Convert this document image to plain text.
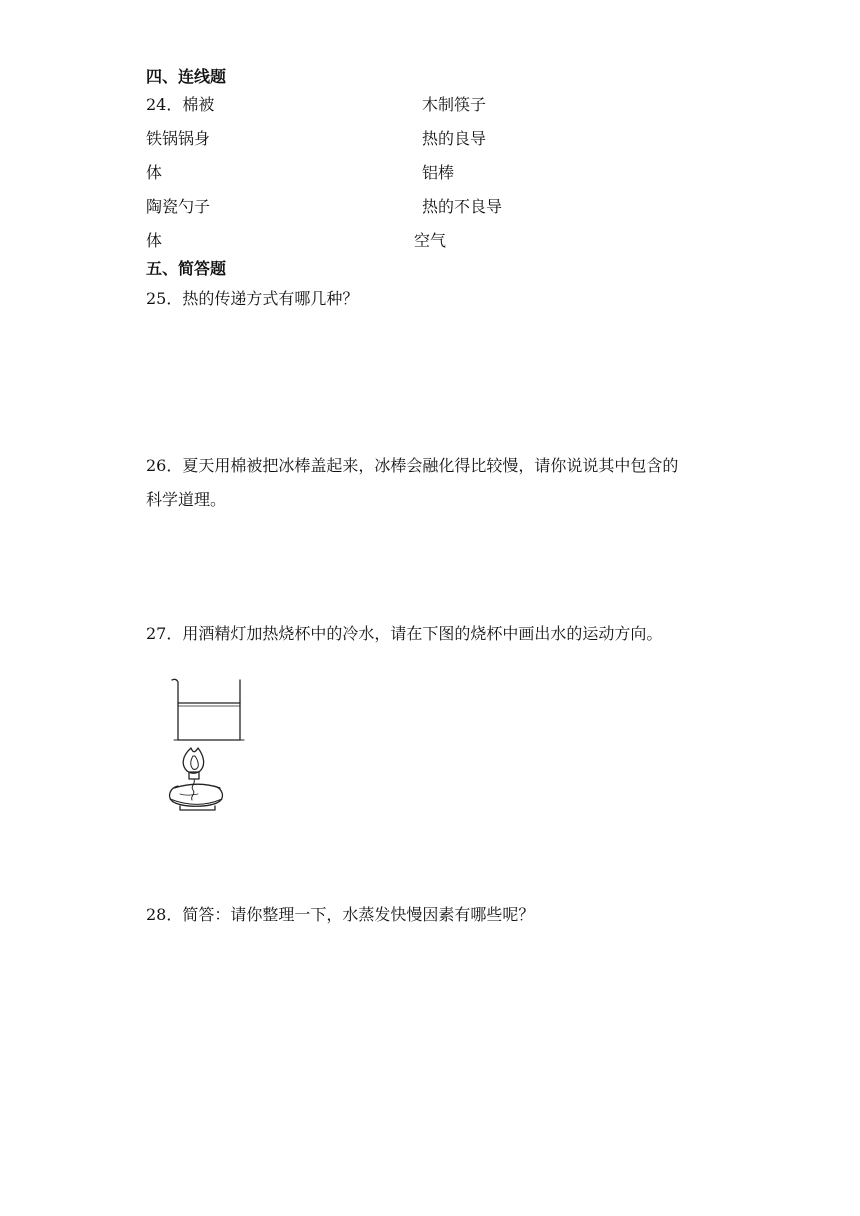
四、连线题
24．棉被	木制筷子
铁锅锅身	热的良导
体	铝棒
陶瓷勺子	热的不良导
体	空气
五、简答题
25．热的传递方式有哪几种？
26．夏天用棉被把冰棒盖起来，冰棒会融化得比较慢，请你说说其中包含的
科学道理。
27．用酒精灯加热烧杯中的冷水，请在下图的烧杯中画出水的运动方向。
28．简答：请你整理一下，水蒸发快慢因素有哪些呢？
